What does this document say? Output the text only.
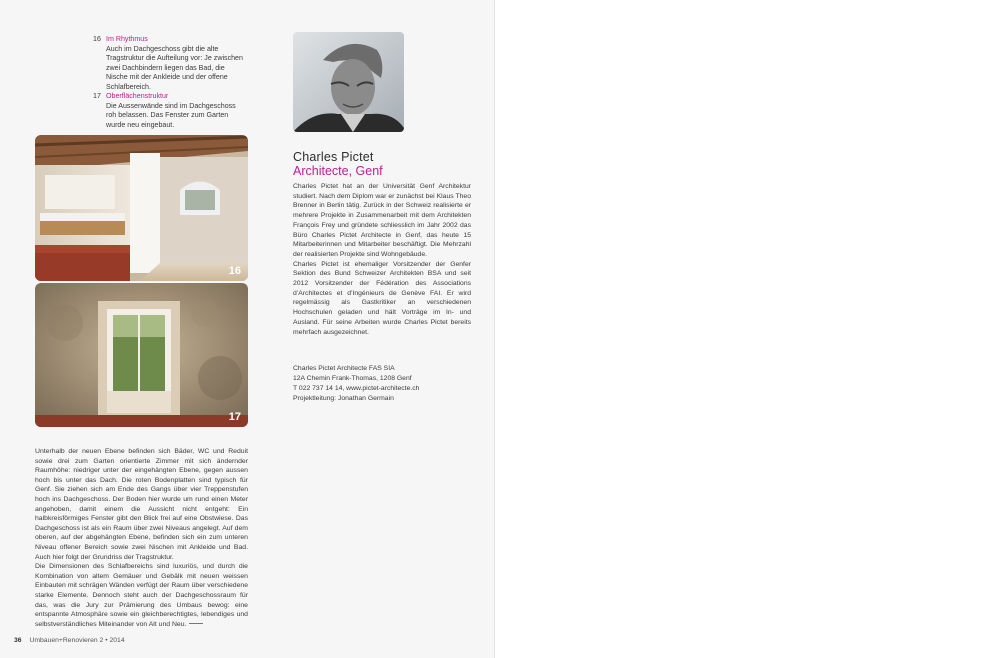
16 Im Rhythmus
Auch im Dachgeschoss gibt die alte Tragstruktur die Aufteilung vor: Je zwischen zwei Dachbindern liegen das Bad, die Nische mit der Ankleide und der offene Schlafbereich.
17 Oberflächenstruktur
Die Aussenwände sind im Dachgeschoss roh belassen. Das Fenster zum Garten wurde neu eingebaut.
16
17

Unterhalb der neuen Ebene befinden sich Bäder, WC und Reduit sowie drei zum Garten orientierte Zimmer mit sich ändernder Raumhöhe: niedriger unter der eingehängten Ebene, gegen aussen hoch bis unter das Dach. Die roten Bodenplatten sind typisch für Genf. Sie ziehen sich am Ende des Gangs über vier Treppenstufen hoch ins Dachgeschoss. Der Boden hier wurde um rund einen Meter angehoben, damit einem die Aussicht nicht entgeht: Ein halbkreisförmiges Fenster gibt den Blick frei auf eine Obstwiese. Das Dachgeschoss ist als ein Raum über zwei Niveaus angelegt. Auf dem oberen, auf der abgehängten Ebene, befinden sich ein zum unteren Niveau offener Bereich sowie zwei Nischen mit Ankleide und Bad. Auch hier folgt der Grundriss der Tragstruktur.

Die Dimensionen des Schlafbereichs sind luxuriös, und durch die Kombination von altem Gemäuer und Gebälk mit neuen weissen Einbauten mit schrägen Wänden verfügt der Raum über verschiedene starke Elemente. Dennoch steht auch der Dachgeschossraum für das, was die Jury zur Prämierung des Umbaus bewog: eine entspannte Atmosphäre sowie ein gleichberechtigtes, lebendiges und selbstverständliches Miteinander von Alt und Neu.

Charles Pictet
Architecte, Genf

Charles Pictet hat an der Universität Genf Architektur studiert. Nach dem Diplom war er zunächst bei Klaus Theo Brenner in Berlin tätig. Zurück in der Schweiz realisierte er mehrere Projekte in Zusammenarbeit mit dem Architekten François Frey und gründete schliesslich im Jahr 2002 das Büro Charles Pictet Architecte in Genf, das heute 15 Mitarbeiterinnen und Mitarbeiter beschäftigt. Die Mehrzahl der realisierten Projekte sind Wohngebäude.

Charles Pictet ist ehemaliger Vorsitzender der Genfer Sektion des Bund Schweizer Architekten BSA und seit 2012 Vorsitzender der Fédération des Associations d’Architectes et d’Ingénieurs de Genève FAI. Er wird regelmässig als Gastkritiker an verschiedenen Hochschulen geladen und hält Vorträge im In- und Ausland. Für seine Arbeiten wurde Charles Pictet bereits mehrfach ausgezeichnet.

Charles Pictet Architecte FAS SIA
12A Chemin Frank-Thomas, 1208 Genf
T 022 737 14 14, www.pictet-architecte.ch
Projektleitung: Jonathan Germain
36 Umbauen+Renovieren 2 • 2014
